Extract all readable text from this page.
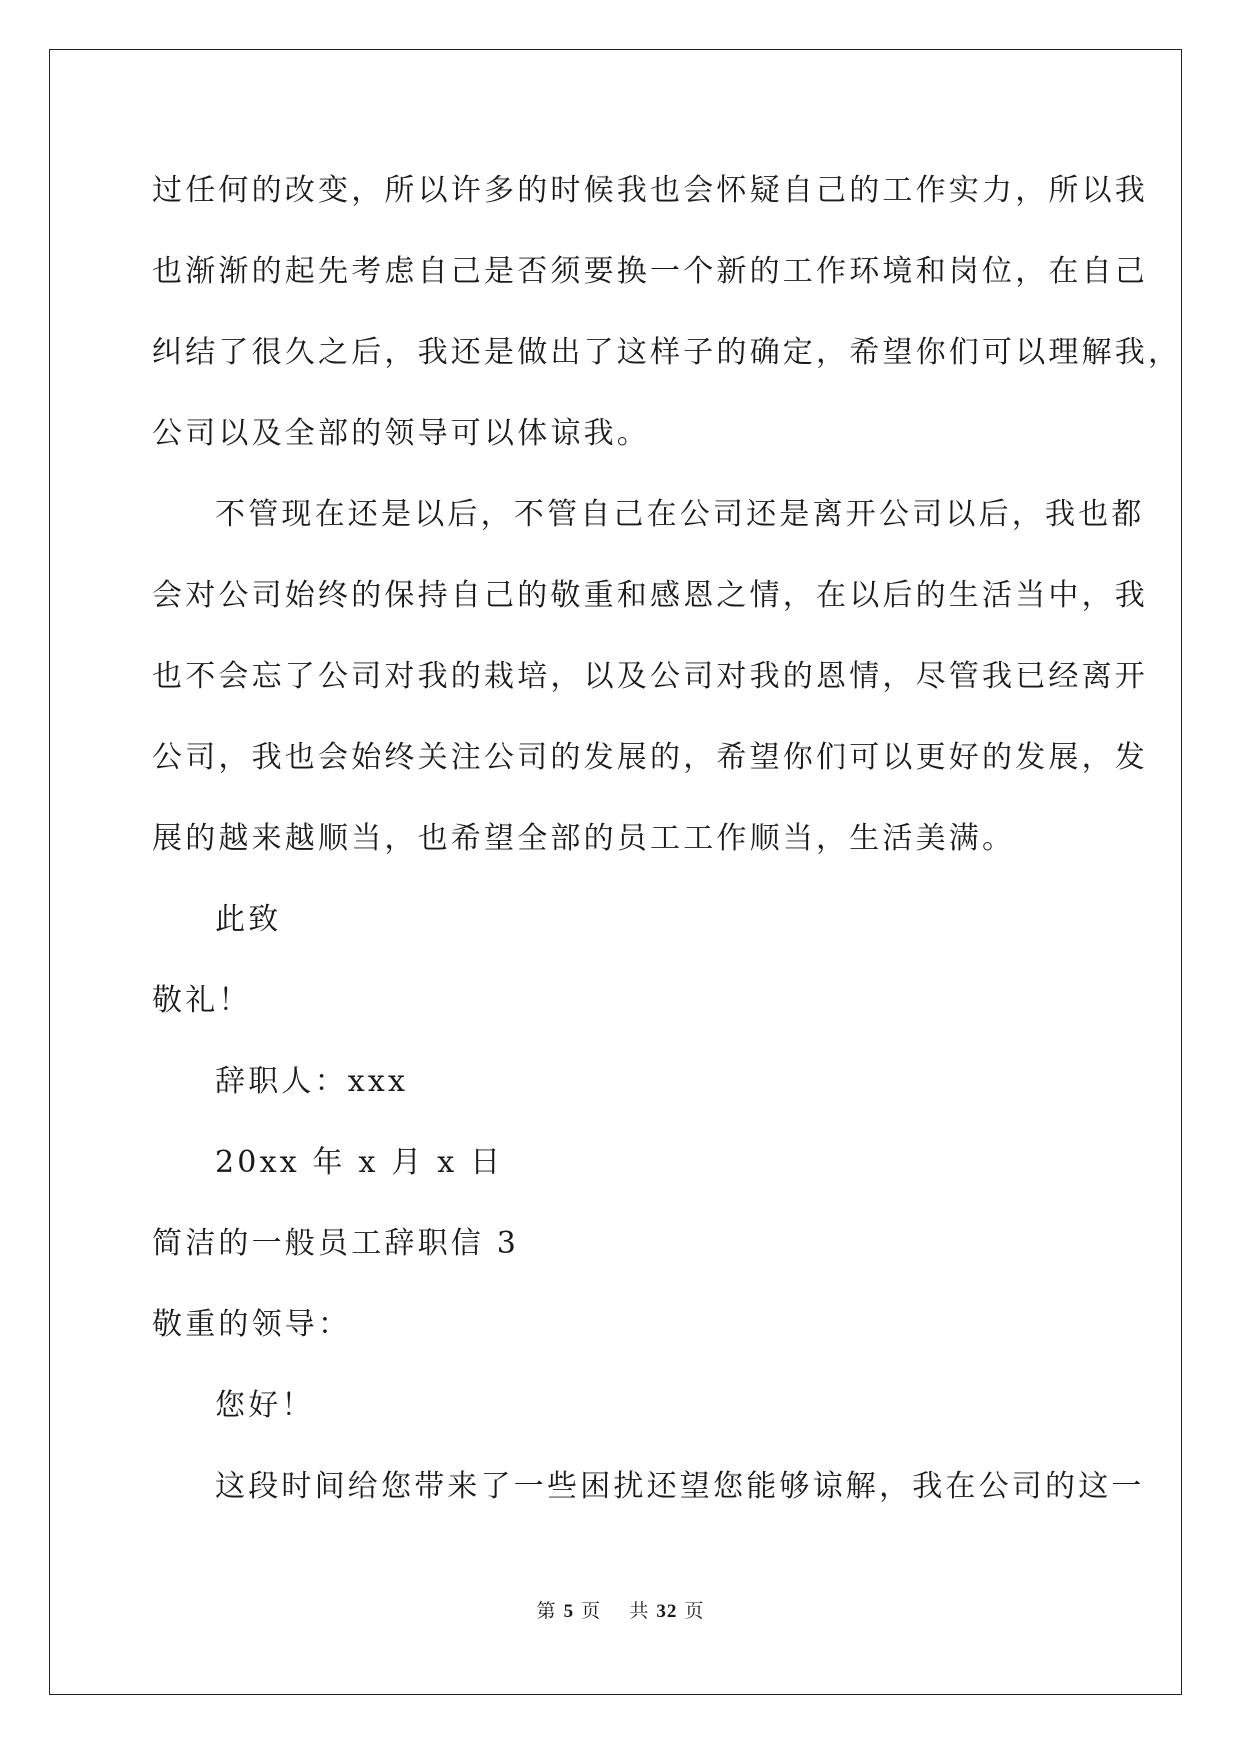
过任何的改变，所以许多的时候我也会怀疑自己的工作实力，所以我
也渐渐的起先考虑自己是否须要换一个新的工作环境和岗位，在自己
纠结了很久之后，我还是做出了这样子的确定，希望你们可以理解我，
公司以及全部的领导可以体谅我。
不管现在还是以后，不管自己在公司还是离开公司以后，我也都
会对公司始终的保持自己的敬重和感恩之情，在以后的生活当中，我
也不会忘了公司对我的栽培，以及公司对我的恩情，尽管我已经离开
公司，我也会始终关注公司的发展的，希望你们可以更好的发展，发
展的越来越顺当，也希望全部的员工工作顺当，生活美满。
此致
敬礼！
辞职人：xxx
20xx 年 x 月 x 日
简洁的一般员工辞职信 3
敬重的领导：
您好！
这段时间给您带来了一些困扰还望您能够谅解，我在公司的这一
第 5 页 共 32 页
